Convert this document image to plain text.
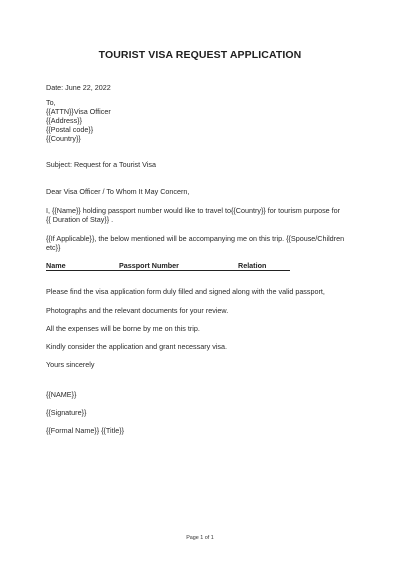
TOURIST VISA REQUEST APPLICATION
Date: June 22, 2022
To,
{{ATTN}}Visa Officer
{{Address}}
{{Postal code}}
{{Country}}
Subject: Request for a Tourist Visa
Dear Visa Officer / To Whom It May Concern,
I, {{Name}} holding passport number would like to travel to{{Country}} for tourism purpose for
{{ Duration of Stay}} .
{{If Applicable}}, the below mentioned will be accompanying me on this trip. {{Spouse/Children
etc}}
Name	Passport Number	Relation
Please find the visa application form duly filled and signed along with the valid passport,
Photographs and the relevant documents for your review.
All the expenses will be borne by me on this trip.
Kindly consider the application and grant necessary visa.
Yours sincerely
{{NAME}}
{{Signature}}
{{Formal Name}} {{Title}}
Page 1 of 1
